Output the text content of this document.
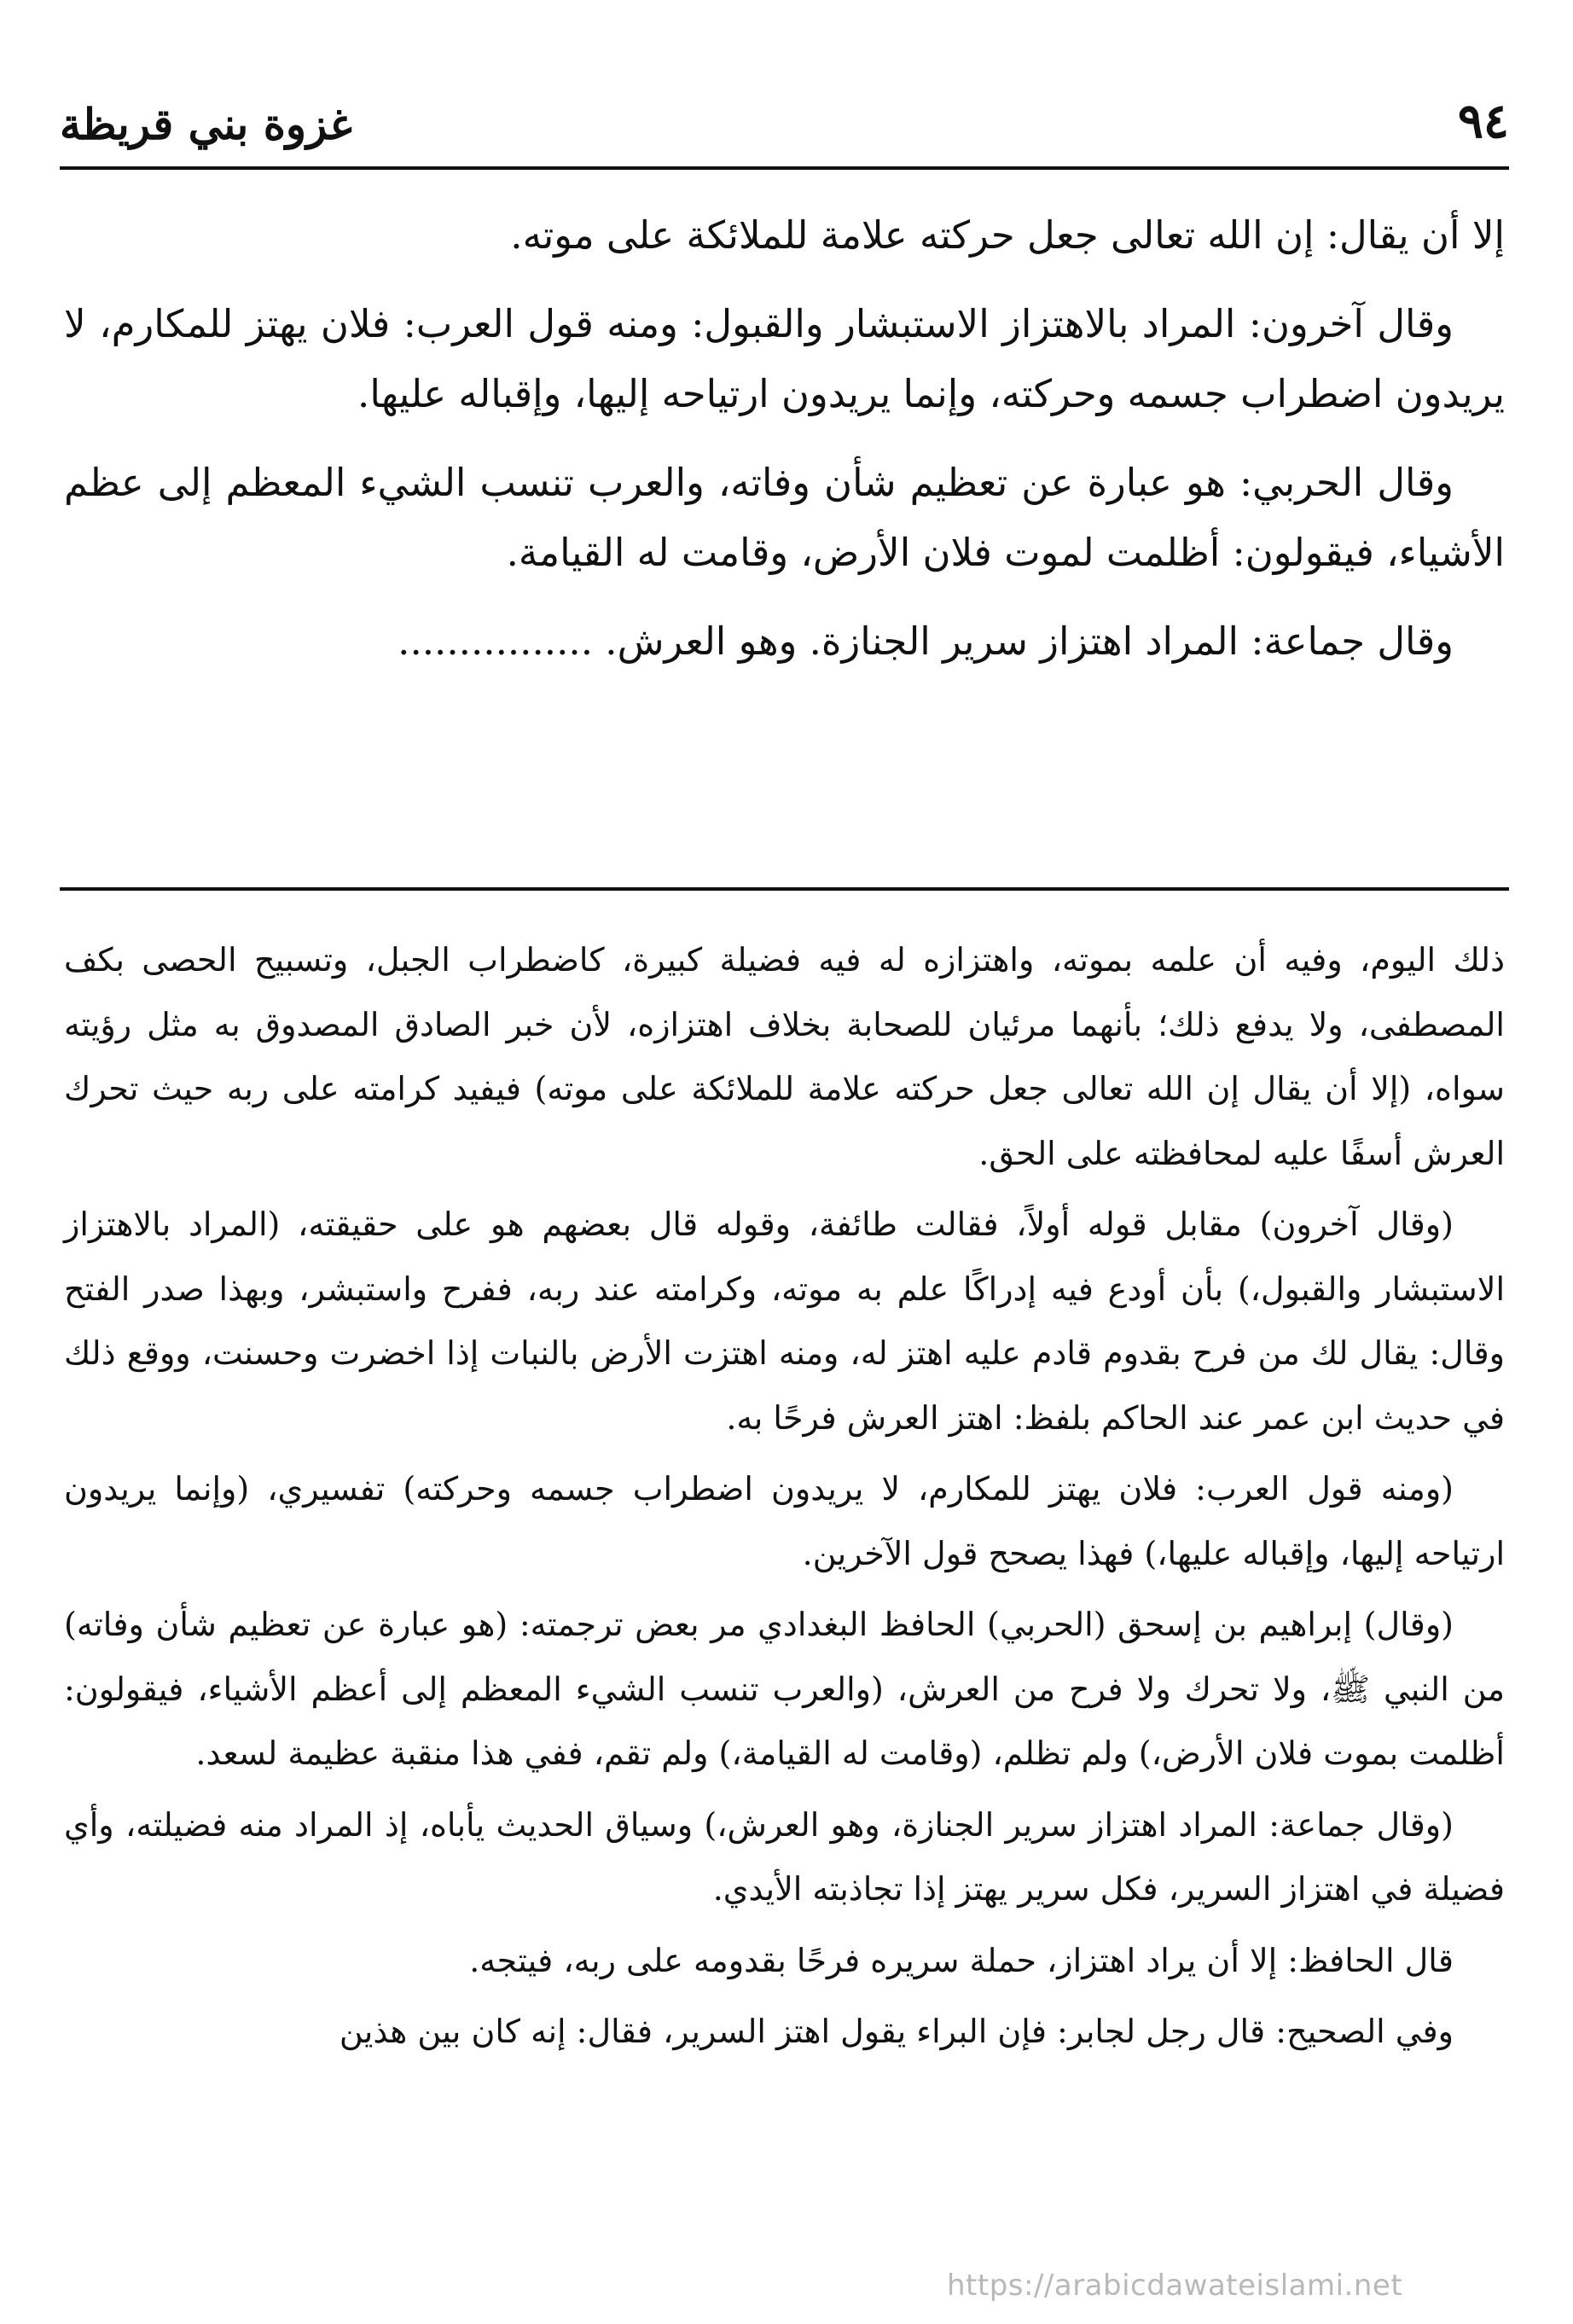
٩٤
غزوة بني قريظة

إلا أن يقال: إن الله تعالى جعل حركته علامة للملائكة على موته.

وقال آخرون: المراد بالاهتزاز الاستبشار والقبول: ومنه قول العرب: فلان يهتز للمكارم، لا يريدون اضطراب جسمه وحركته، وإنما يريدون ارتياحه إليها، وإقباله عليها.

وقال الحربي: هو عبارة عن تعظيم شأن وفاته، والعرب تنسب الشيء المعظم إلى عظم الأشياء، فيقولون: أظلمت لموت فلان الأرض، وقامت له القيامة.

وقال جماعة: المراد اهتزاز سرير الجنازة. وهو العرش. ................

ذلك اليوم، وفيه أن علمه بموته، واهتزازه له فيه فضيلة كبيرة، كاضطراب الجبل، وتسبيح الحصى بكف المصطفى، ولا يدفع ذلك؛ بأنهما مرئيان للصحابة بخلاف اهتزازه، لأن خبر الصادق المصدوق به مثل رؤيته سواه، (إلا أن يقال إن الله تعالى جعل حركته علامة للملائكة على موته) فيفيد كرامته على ربه حيث تحرك العرش أسفًا عليه لمحافظته على الحق.

(وقال آخرون) مقابل قوله أولاً، فقالت طائفة، وقوله قال بعضهم هو على حقيقته، (المراد بالاهتزاز الاستبشار والقبول،) بأن أودع فيه إدراكًا علم به موته، وكرامته عند ربه، ففرح واستبشر، وبهذا صدر الفتح وقال: يقال لك من فرح بقدوم قادم عليه اهتز له، ومنه اهتزت الأرض بالنبات إذا اخضرت وحسنت، ووقع ذلك في حديث ابن عمر عند الحاكم بلفظ: اهتز العرش فرحًا به.

(ومنه قول العرب: فلان يهتز للمكارم، لا يريدون اضطراب جسمه وحركته) تفسيري، (وإنما يريدون ارتياحه إليها، وإقباله عليها،) فهذا يصحح قول الآخرين.

(وقال) إبراهيم بن إسحق (الحربي) الحافظ البغدادي مر بعض ترجمته: (هو عبارة عن تعظيم شأن وفاته) من النبي ﷺ، ولا تحرك ولا فرح من العرش، (والعرب تنسب الشيء المعظم إلى أعظم الأشياء، فيقولون: أظلمت بموت فلان الأرض،) ولم تظلم، (وقامت له القيامة،) ولم تقم، ففي هذا منقبة عظيمة لسعد.

(وقال جماعة: المراد اهتزاز سرير الجنازة، وهو العرش،) وسياق الحديث يأباه، إذ المراد منه فضيلته، وأي فضيلة في اهتزاز السرير، فكل سرير يهتز إذا تجاذبته الأيدي.

قال الحافظ: إلا أن يراد اهتزاز، حملة سريره فرحًا بقدومه على ربه، فيتجه.

وفي الصحيح: قال رجل لجابر: فإن البراء يقول اهتز السرير، فقال: إنه كان بين هذين

https://arabicdawateislami.net
